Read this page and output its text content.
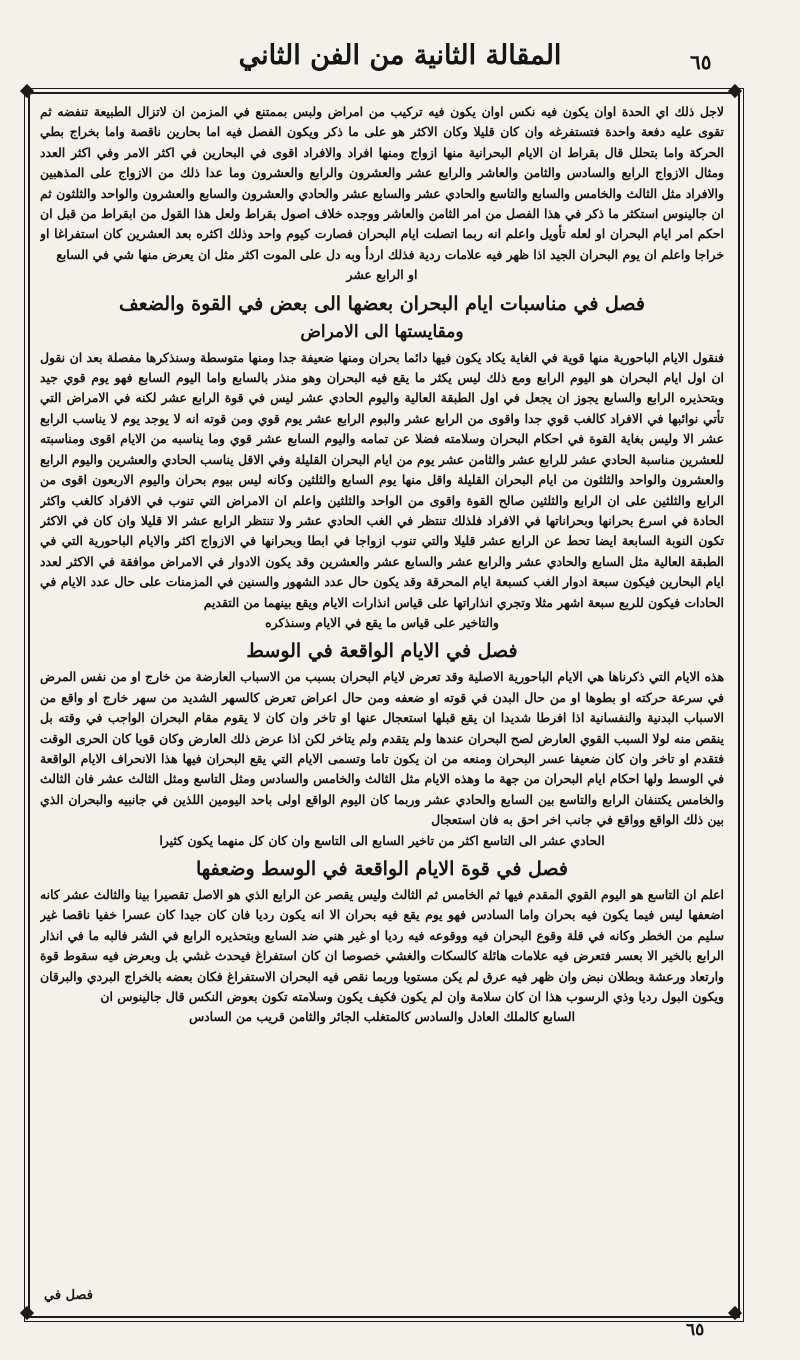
المقالة الثانية من الفن الثاني	٦٥

لاجل ذلك اي الحدة اوان يكون فيه نكس اوان يكون فيه تركيب من امراض ولبس بممتنع في المزمن ان لاتزال الطبيعة تنفضه ثم تقوى عليه دفعة واحدة فتستفرغه وان كان قليلا وكان الاكثر هو على ما ذكر ويكون الفصل فيه اما بحارين ناقصة واما بخراج بطي الحركة واما بتحلل قال بقراط ان الايام البحرانية منها ازواج ومنها افراد والافراد اقوى في البحارين في اكثر الامر وفي اكثر العدد ومثال الازواج الرابع والسادس والثامن والعاشر والرابع عشر والعشرون والرابع والعشرون وما عدا ذلك من الازواج على المذهبين والافراد مثل الثالث والخامس والسابع والتاسع والحادي عشر والسابع عشر والحادي والعشرون والسابع والعشرون والواحد والثلثون ثم ان جالينوس استكثر ما ذكر في هذا الفصل من امر الثامن والعاشر ووجده خلاف اصول بقراط ولعل هذا القول من ابقراط من قبل ان احكم امر ايام البحران او لعله تأويل واعلم انه ربما اتصلت ايام البحران فصارت كيوم واحد وذلك اكثره بعد العشرين كان استفراغا او خراجا واعلم ان يوم البحران الجيد اذا ظهر فيه علامات ردية فذلك اردأ وبه دل على الموت اكثر مثل ان يعرض منها شي في السابع

او الرابع عشر

فصل في مناسبات ايام البحران بعضها الى بعض في القوة والضعف
ومقايستها الى الامراض

فنقول الايام الباحورية منها قوية في الغاية يكاد يكون فيها دائما بحران ومنها ضعيفة جدا ومنها متوسطة وسنذكرها مفصلة بعد ان نقول ان اول ايام البحران هو اليوم الرابع ومع ذلك ليس يكثر ما يقع فيه البحران وهو منذر بالسابع واما اليوم السابع فهو يوم قوي جيد وبتحذيره الرابع والسابع يجوز ان يجعل في اول الطبقة العالية واليوم الحادي عشر ليس في قوة الرابع عشر لكنه في الامراض التي تأتي نوائبها في الافراد كالغب قوي جدا واقوى من الرابع عشر والبوم الرابع عشر يوم قوي ومن قوته انه لا يوجد يوم لا يناسب الرابع عشر الا وليس بغاية القوة في احكام البحران وسلامته فضلا عن تمامه واليوم السابع عشر قوي وما يناسبه من الايام اقوى ومناسبته للعشرين مناسبة الحادي عشر للرابع عشر والثامن عشر يوم من ايام البحران القليلة وفي الاقل يناسب الحادي والعشرين واليوم الرابع والعشرون والواحد والثلثون من ايام البحران القليلة واقل منها يوم السابع والثلثين وكانه ليس بيوم بحران واليوم الاربعون اقوى من الرابع والثلثين على ان الرابع والثلثين صالح القوة واقوى من الواحد والثلثين واعلم ان الامراض التي تنوب في الافراد كالغب واكثر الحادة في اسرع بحرانها وبحراناتها في الافراد فلذلك تنتظر في الغب الحادي عشر ولا تنتظر الرابع عشر الا قليلا وان كان في الاكثر تكون النوبة السابعة ايضا تحط عن الرابع عشر قليلا والتي تنوب ازواجا في ابطا وبحرانها في الازواج اكثر والايام الباحورية التي في الطبقة العالية مثل السابع والحادي عشر والرابع عشر والسابع عشر والعشرين وقد يكون الادوار في الامراض موافقة في الاكثر لعدد ايام البحارين فيكون سبعة ادوار الغب كسبعة ايام المحرقة وقد يكون حال عدد الشهور والسنين في المزمنات على حال عدد الايام في الحادات فيكون للربع سبعة اشهر مثلا وتجري انذاراتها على قياس انذارات الايام ويقع بينهما من التقديم

والتاخير على قياس ما يقع في الايام وسنذكره

فصل في الايام الواقعة في الوسط

هذه الايام التي ذكرناها هي الايام الباحورية الاصلية وقد تعرض لايام البحران بسبب من الاسباب العارضة من خارج او من نفس المرض في سرعة حركته او بطوها او من حال البدن في قوته او ضعفه ومن حال اعراض تعرض كالسهر الشديد من سهر خارج او واقع من الاسباب البدنية والنفسانية اذا افرطا شديدا ان يقع قبلها استعجال عنها او تاخر وان كان لا يقوم مقام البحران الواجب في وقته بل ينقص منه لولا السبب القوي العارض لصح البحران عندها ولم يتقدم ولم يتاخر لكن اذا عرض ذلك العارض وكان قويا كان الحرى الوقت فتقدم او تاخر وان كان ضعيفا عسر البحران ومنعه من ان يكون تاما وتسمى الايام التي يقع البحران فيها هذا الانحراف الايام الواقعة في الوسط ولها احكام ايام البحران من جهة ما وهذه الايام مثل الثالث والخامس والسادس ومثل التاسع ومثل الثالث عشر فان الثالث والخامس يكتنفان الرابع والتاسع بين السابع والحادي عشر وربما كان اليوم الواقع اولى باحد اليومين اللذين في جانبيه والبحران الذي بين ذلك الواقع وواقع في جانب اخر احق به فان استعجال

الحادي عشر الى التاسع اكثر من تاخير السابع الى التاسع وان كان كل منهما يكون كثيرا

فصل في قوة الايام الواقعة في الوسط وضعفها

اعلم ان التاسع هو اليوم القوي المقدم فيها ثم الخامس ثم الثالث وليس يقصر عن الرابع الذي هو الاصل تقصيرا بينا والثالث عشر كانه اضعفها ليس فيما يكون فيه بحران واما السادس فهو يوم يقع فيه بحران الا انه يكون رديا فان كان جيدا كان عسرا خفيا ناقصا غير سليم من الخطر وكانه في قلة وقوع البحران فيه ووقوعه فيه رديا او غير هني ضد السابع وبتحذيره الرابع في الشر فالبه ما في انذار الرابع بالخير الا بعسر فتعرض فيه علامات هائلة كالسكات والغشي خصوصا ان كان استفراغ فيحدث غشي بل وبعرض فيه سقوط قوة وارتعاد ورعشة وبطلان نبض وان ظهر فيه عرق لم يكن مستويا وربما نقص فيه البحران الاستفراغ فكان بعضه بالخراج البردي والبرقان ويكون البول رديا وذي الرسوب هذا ان كان سلامة وان لم يكون فكيف يكون وسلامته تكون بعوض النكس قال جالينوس ان

السابع كالملك العادل والسادس كالمتغلب الجائر والثامن قريب من السادس

فصل في
٦٥
